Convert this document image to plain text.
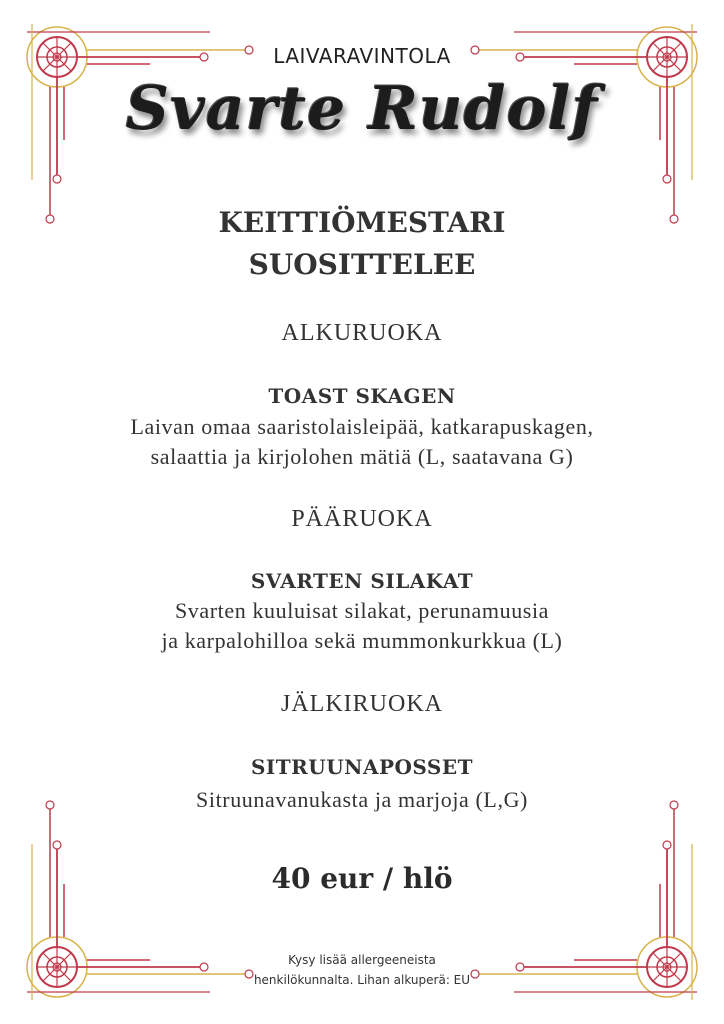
LAIVARAVINTOLA
Svarte Rudolf
KEITTIÖMESTARI
SUOSITTELEE
ALKURUOKA
TOAST SKAGEN
Laivan omaa saaristolaisleipää, katkarapuskagen,
salaattia ja kirjolohen mätiä (L, saatavana G)
PÄÄRUOKA
SVARTEN SILAKAT
Svarten kuuluisat silakat, perunamuusia
ja karpalohilloa sekä mummonkurkkua (L)
JÄLKIRUOKA
SITRUUNAPOSSET
Sitruunavanukasta ja marjoja (L,G)
40 eur / hlö
Kysy lisää allergeeneista
henkilökunnalta. Lihan alkuperä: EU
